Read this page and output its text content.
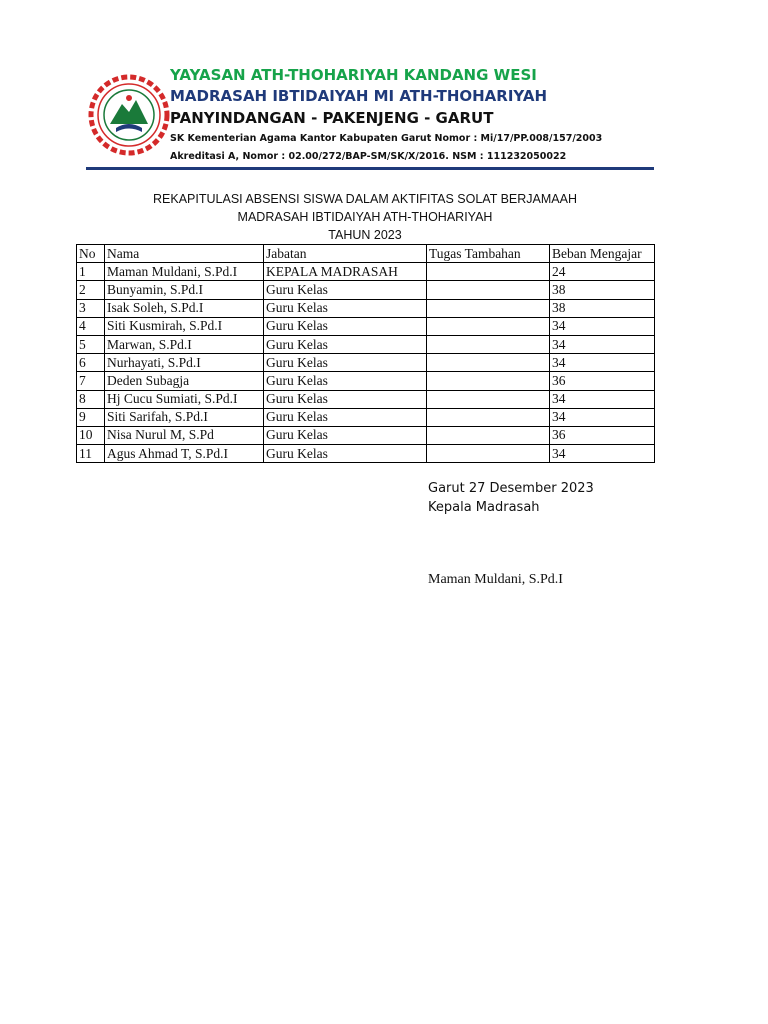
YAYASAN ATH-THOHARIYAH KANDANG WESI
MADRASAH IBTIDAIYAH MI ATH-THOHARIYAH
PANYINDANGAN - PAKENJENG - GARUT
SK Kementerian Agama Kantor Kabupaten Garut Nomor : Mi/17/PP.008/157/2003
Akreditasi A, Nomor : 02.00/272/BAP-SM/SK/X/2016. NSM : 111232050022
REKAPITULASI ABSENSI SISWA DALAM AKTIFITAS SOLAT BERJAMAAH
MADRASAH IBTIDAIYAH ATH-THOHARIYAH
TAHUN 2023
No	Nama	Jabatan	Tugas Tambahan	Beban Mengajar
1	Maman Muldani, S.Pd.I	KEPALA MADRASAH		24
2	Bunyamin, S.Pd.I	Guru Kelas		38
3	Isak Soleh, S.Pd.I	Guru Kelas		38
4	Siti Kusmirah, S.Pd.I	Guru Kelas		34
5	Marwan, S.Pd.I	Guru Kelas		34
6	Nurhayati, S.Pd.I	Guru Kelas		34
7	Deden Subagja	Guru Kelas		36
8	Hj Cucu Sumiati, S.Pd.I	Guru Kelas		34
9	Siti Sarifah, S.Pd.I	Guru Kelas		34
10	Nisa Nurul M, S.Pd	Guru Kelas		36
11	Agus Ahmad T, S.Pd.I	Guru Kelas		34
Garut 27 Desember 2023
Kepala Madrasah
Maman Muldani, S.Pd.I
